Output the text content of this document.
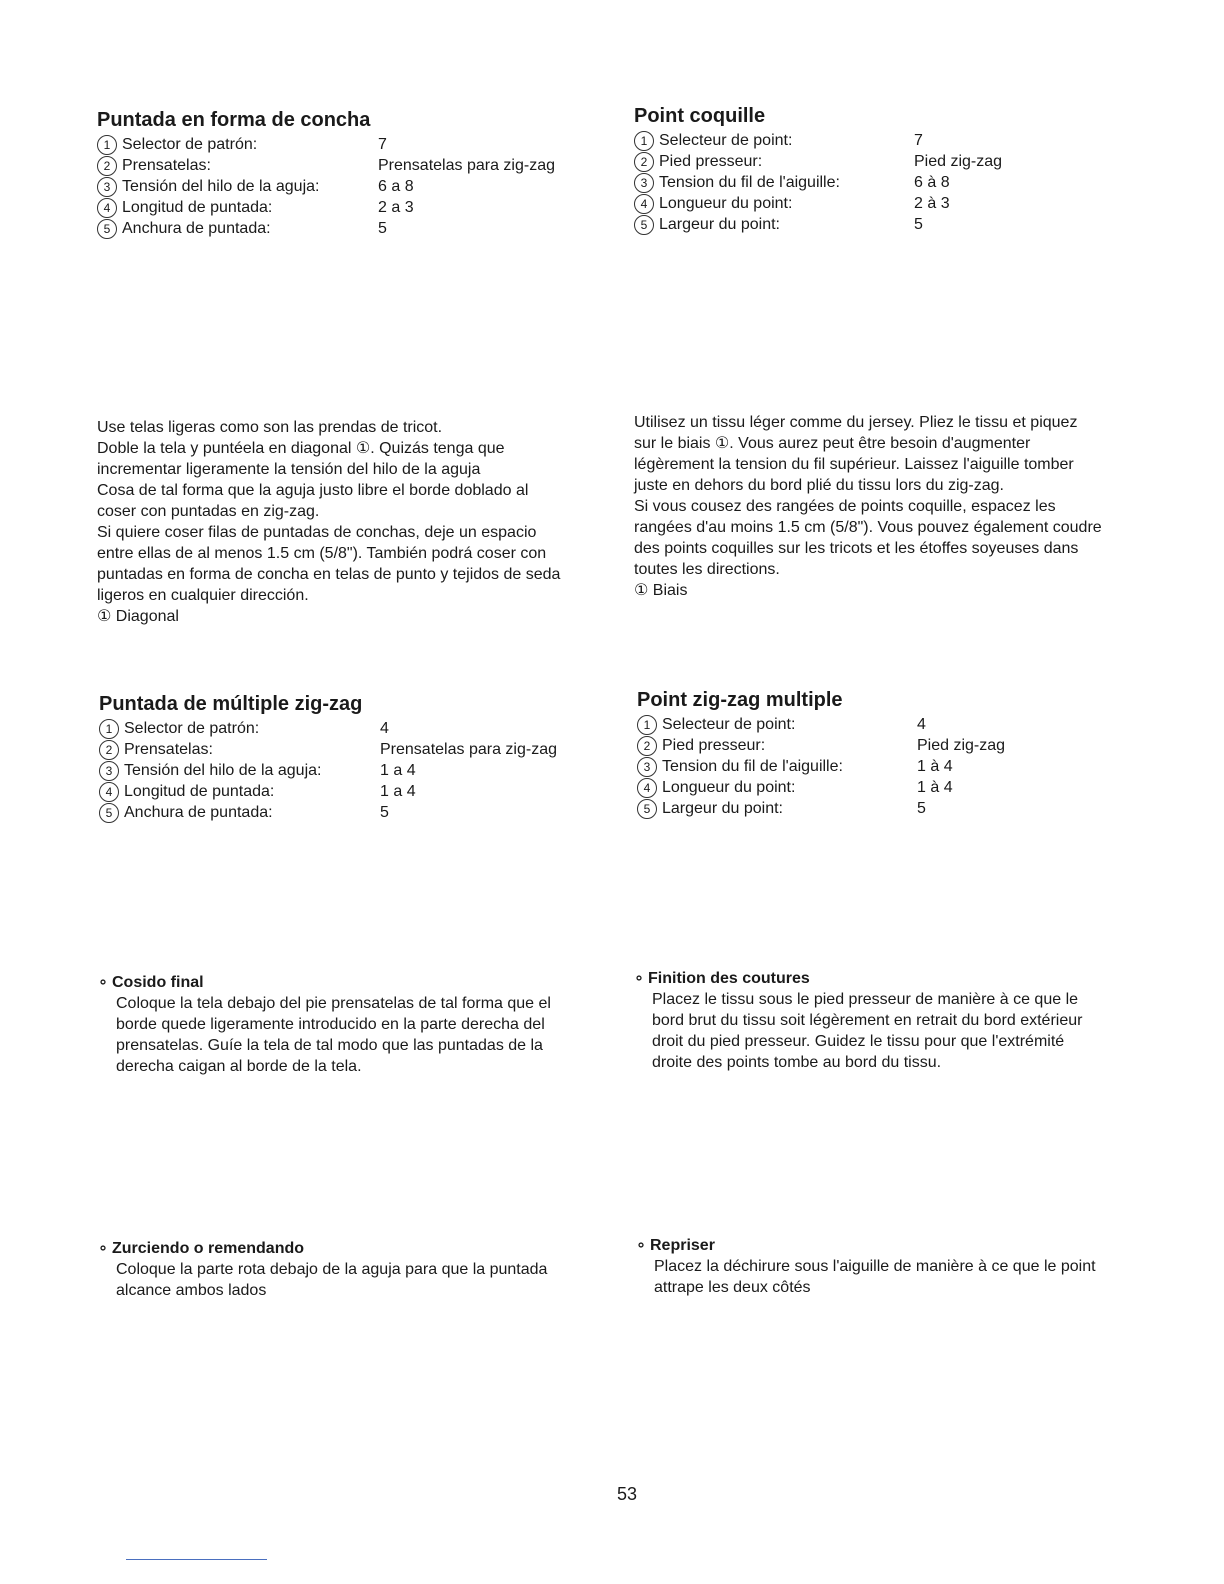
Puntada en forma de concha
1 Selector de patrón:	7
2 Prensatelas:	Prensatelas para zig-zag
3 Tensión del hilo de la aguja:	6 a 8
4 Longitud de puntada:	2 a 3
5 Anchura de puntada:	5
Point coquille
1 Selecteur de point:	7
2 Pied presseur:	Pied zig-zag
3 Tension du fil de l'aiguille:	6 à 8
4 Longueur du point:	2 à 3
5 Largeur du point:	5

Use telas ligeras como son las prendas de tricot.

Doble la tela y puntéela en diagonal ①. Quizás tenga que

incrementar ligeramente la tensión del hilo de la aguja

Cosa de tal forma que la aguja justo libre el borde doblado al

coser con puntadas en zig-zag.

Si quiere coser filas de puntadas de conchas, deje un espacio

entre ellas de al menos 1.5 cm (5/8"). También podrá coser con

puntadas en forma de concha en telas de punto y tejidos de seda

ligeros en cualquier dirección.

① Diagonal

Utilisez un tissu léger comme du jersey. Pliez le tissu et piquez

sur le biais ①. Vous aurez peut être besoin d'augmenter

légèrement la tension du fil supérieur. Laissez l'aiguille tomber

juste en dehors du bord plié du tissu lors du zig-zag.

Si vous cousez des rangées de points coquille, espacez les

rangées d'au moins 1.5 cm (5/8"). Vous pouvez également coudre

des points coquilles sur les tricots et les étoffes soyeuses dans

toutes les directions.

① Biais

Puntada de múltiple zig-zag
1 Selector de patrón:	4
2 Prensatelas:	Prensatelas para zig-zag
3 Tensión del hilo de la aguja:	1 a 4
4 Longitud de puntada:	1 a 4
5 Anchura de puntada:	5
Point zig-zag multiple
1 Selecteur de point:	4
2 Pied presseur:	Pied zig-zag
3 Tension du fil de l'aiguille:	1 à 4
4 Longueur du point:	1 à 4
5 Largeur du point:	5
∘ Cosido final

Coloque la tela debajo del pie prensatelas de tal forma que el

borde quede ligeramente introducido en la parte derecha del

prensatelas. Guíe la tela de tal modo que las puntadas de la

derecha caigan al borde de la tela.

∘ Finition des coutures

Placez le tissu sous le pied presseur de manière à ce que le

bord brut du tissu soit légèrement en retrait du bord extérieur

droit du pied presseur. Guidez le tissu pour que l'extrémité

droite des points tombe au bord du tissu.

∘ Zurciendo o remendando

Coloque la parte rota debajo de la aguja para que la puntada

alcance ambos lados

∘ Repriser

Placez la déchirure sous l'aiguille de manière à ce que le point

attrape les deux côtés

53
